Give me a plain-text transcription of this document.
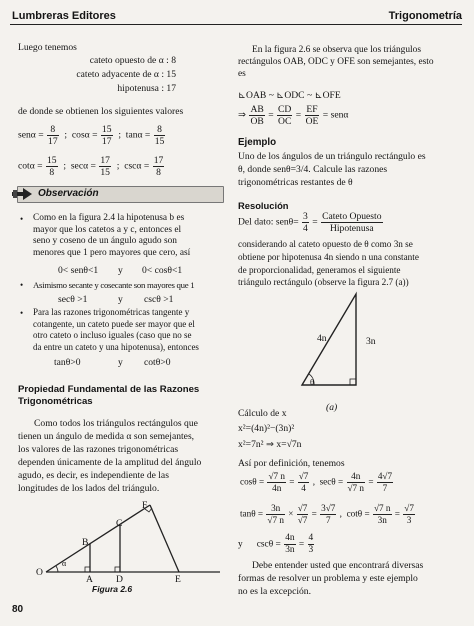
Lumbreras Editores	Trigonometría
Luego tenemos
cateto opuesto de α : 8
cateto adyacente de α : 15
hipotenusa : 17
de donde se obtienen los siguientes valores
$sen\alpha = \frac{8}{17}$ ; $\cos\alpha = \frac{15}{17}$ ; $\tan\alpha = \frac{8}{15}$
$\cot\alpha = \frac{15}{8}$ ; $\sec\alpha = \frac{17}{15}$ ; $\csc\alpha = \frac{17}{8}$
Observación
• Como en la figura 2.4 la hipotenusa b es
mayor que los catetos a y c, entonces el
seno y coseno de un ángulo agudo son
menores que 1 pero mayores que cero, así
0< senθ<1 y 0< cosθ<1
• Asimismo secante y cosecante son mayores que 1
secθ >1	y cscθ >1
• Para las razones trigonométricas tangente y
cotangente, un cateto puede ser mayor que el
otro cateto o incluso iguales (caso que no se
da entre un cateto y una hipotenusa), entonces
tanθ>0	y cotθ>0
Propiedad Fundamental de las Razones
Trigonométricas
Como todos los triángulos rectángulos que
tienen un ángulo de medida α son semejantes,
los valores de las razones trigonométricas
dependen únicamente de la amplitud del ángulo
agudo, es decir, es independiente de las
longitudes de los lados del triángulo.
O
α
A
B
C
D	E
F
Figura 2.6
80
En la figura 2.6 se observa que los triángulos
rectángulos OAB, ODC y OFE son semejantes, esto
es
⊾OAB ~ ⊾ODC ~ ⊾OFE
⇒ $\frac{AB}{OB} = \frac{CD}{OC} = \frac{EF}{OE} = sen\alpha$
Ejemplo
Uno de los ángulos de un triángulo rectángulo es
θ, donde senθ=3/4. Calcule las razones
trigonométricas restantes de θ
Resolución
Del dato: $sen\theta= \frac{3}{4} = \frac{\text{Cateto Opuesto}}{\text{Hipotenusa}}$
considerando al cateto opuesto de θ como 3n se
obtiene por hipotenusa 4n siendo n una constante
de proporcionalidad, generamos el siguiente
triángulo rectángulo (observe la figura 2.7 (a))
4n	3n
θ
(a)
Cálculo de x
x²=(4n)²−(3n)²
x²=7n² ⇒ x=√7n
Así por definición, tenemos
$\cos\theta = \frac{√7 n}{4n} = \frac{√7}{4}$ , $\sec\theta = \frac{4n}{√7 n} = \frac{4√7}{7}$
$\tan\theta = \frac{3n}{√7 n} \times \frac{√7}{√7} = \frac{3√7}{7}$ , $\cot\theta = \frac{√7 n}{3n} = \frac{√7}{3}$
y $\csc\theta = \frac{4n}{3n} = \frac{4}{3}$
Debe entender usted que encontrará diversas
formas de resolver un problema y este ejemplo
no es la excepción.
